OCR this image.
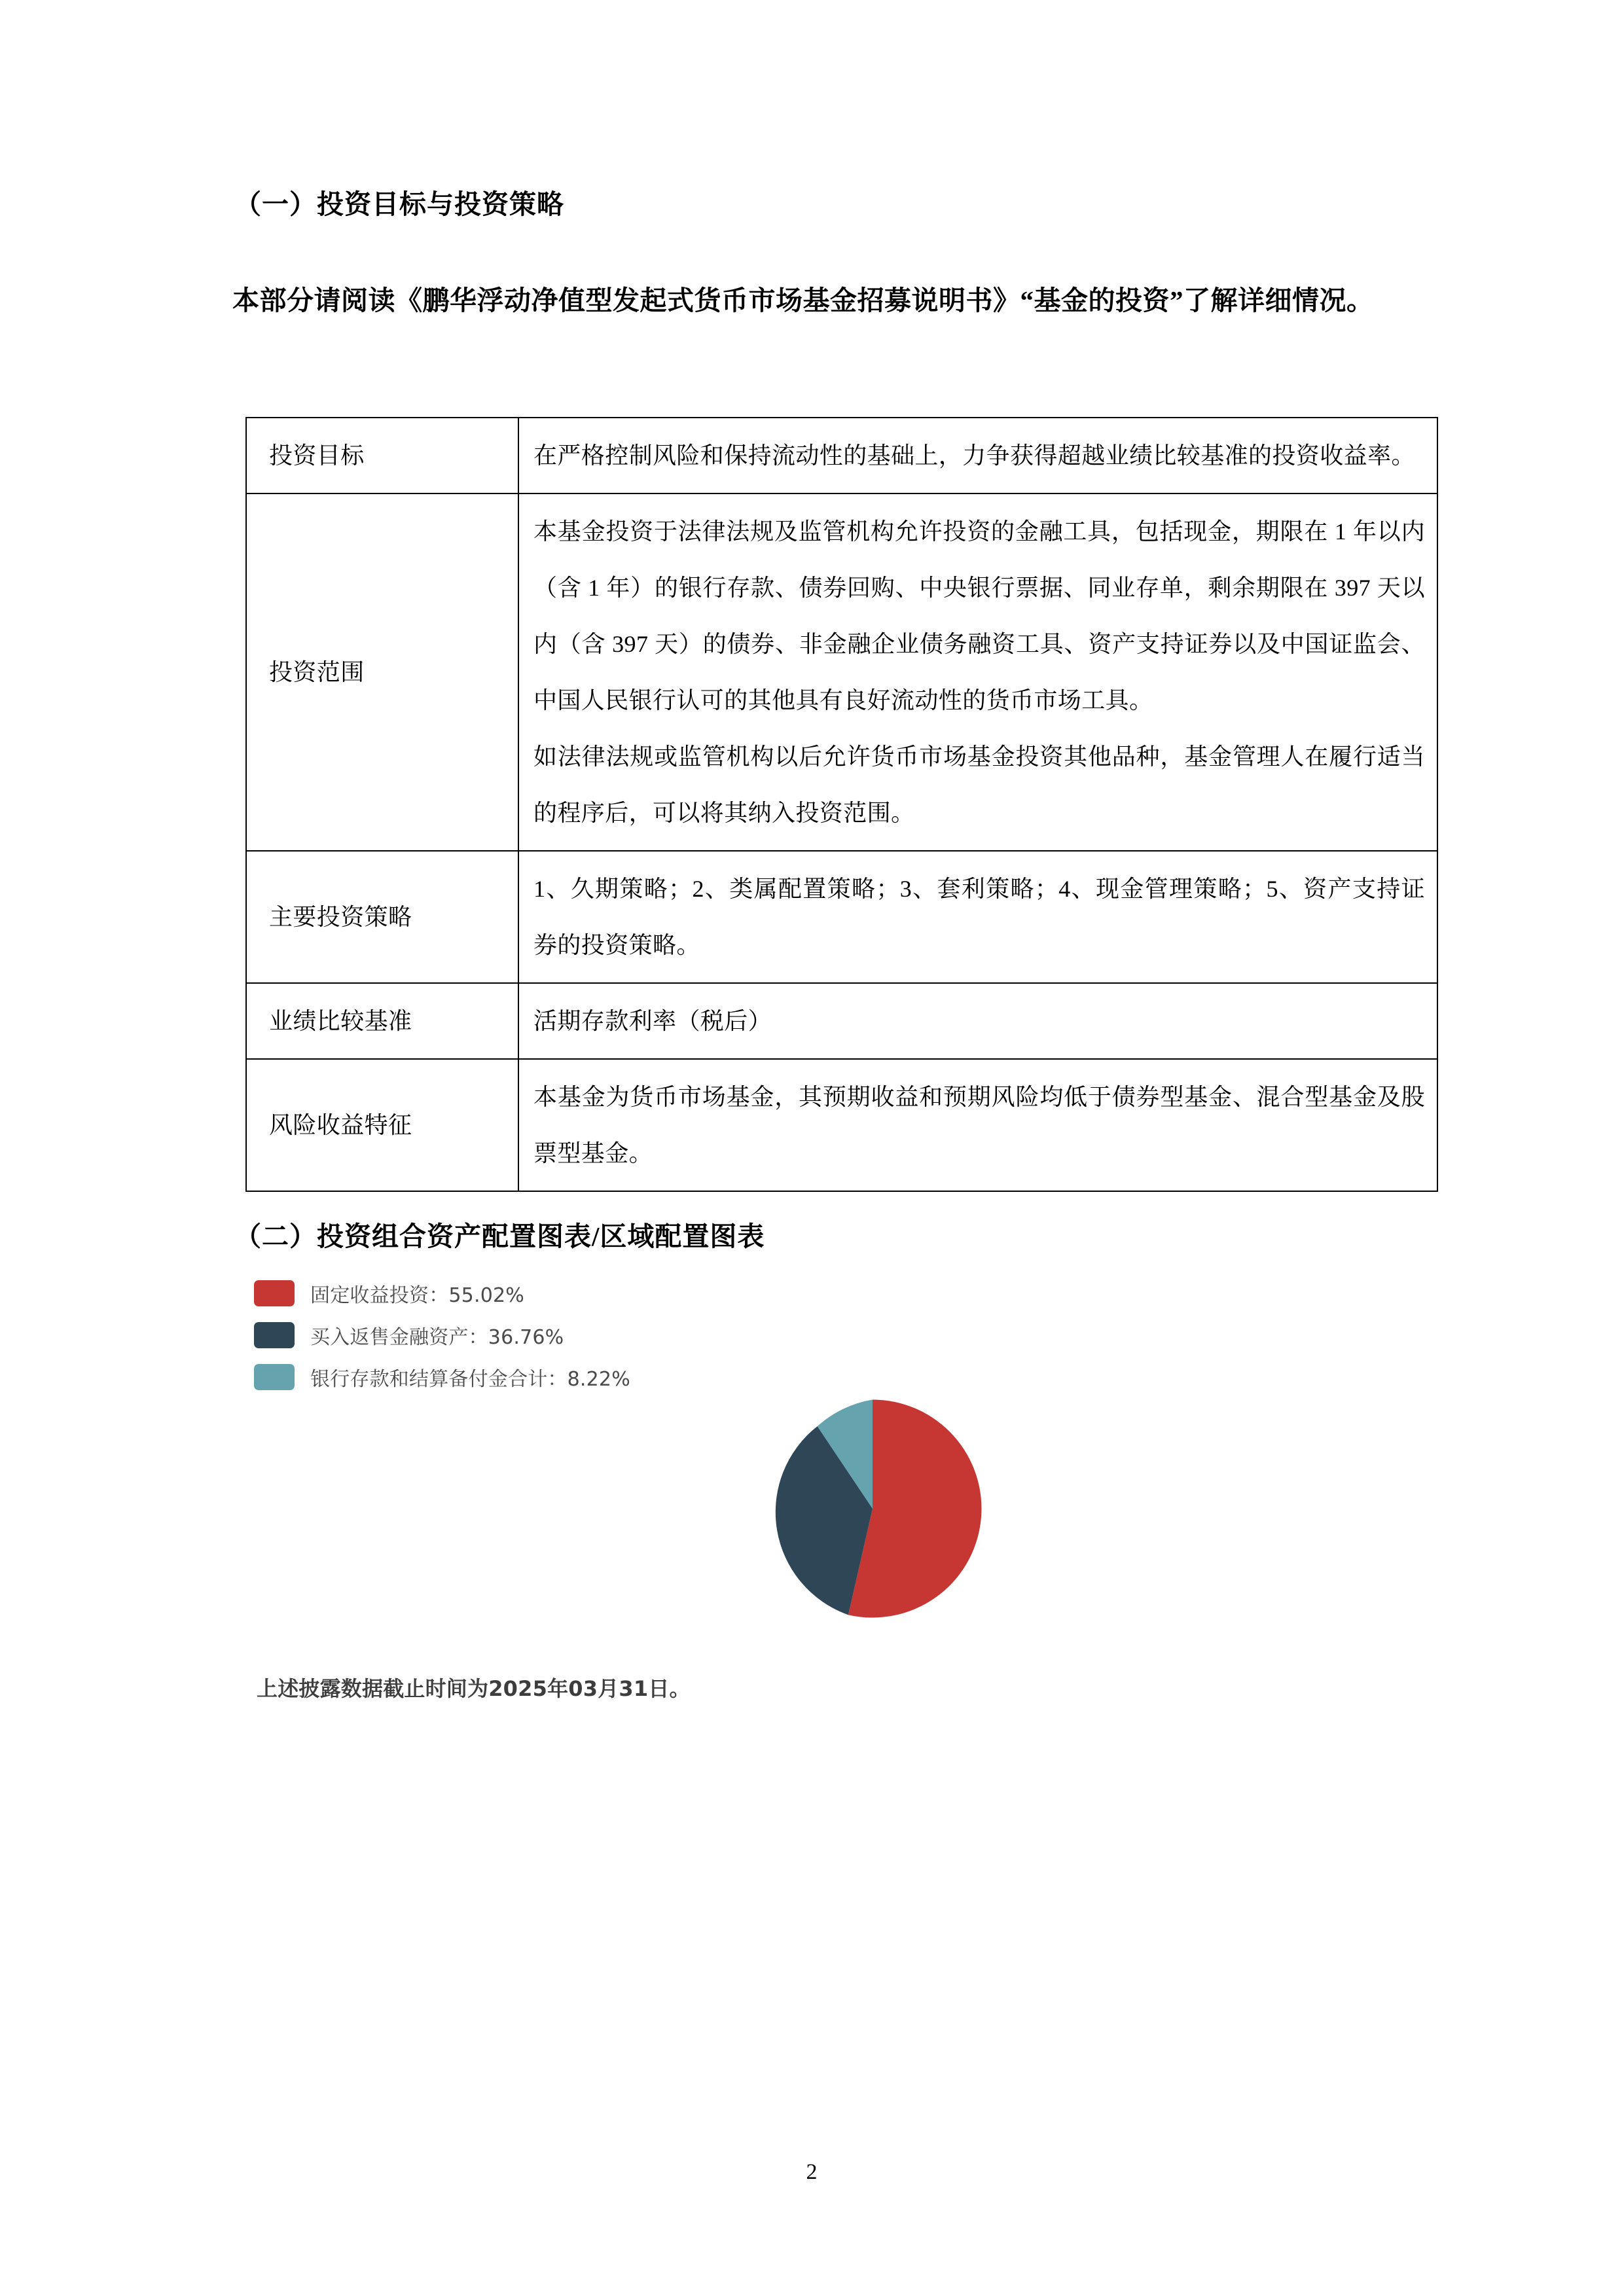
（一）投资目标与投资策略
本部分请阅读《鹏华浮动净值型发起式货币市场基金招募说明书》“基金的投资”了解详细情况。
投资目标	在严格控制风险和保持流动性的基础上，力争获得超越业绩比较基准的投资收益率。

投资范围	本基金投资于法律法规及监管机构允许投资的金融工具，包括现金，期限在 1 年以内（含 1 年）的银行存款、债券回购、中央银行票据、同业存单，剩余期限在 397 天以内（含 397 天）的债券、非金融企业债务融资工具、资产支持证券以及中国证监会、中国人民银行认可的其他具有良好流动性的货币市场工具。

如法律法规或监管机构以后允许货币市场基金投资其他品种，基金管理人在履行适当的程序后，可以将其纳入投资范围。

主要投资策略	1、久期策略；2、类属配置策略；3、套利策略；4、现金管理策略；5、资产支持证券的投资策略。

业绩比较基准	活期存款利率（税后）

风险收益特征	本基金为货币市场基金，其预期收益和预期风险均低于债券型基金、混合型基金及股票型基金。

（二）投资组合资产配置图表/区域配置图表
固定收益投资：55.02%
买入返售金融资产：36.76%
银行存款和结算备付金合计：8.22%
上述披露数据截止时间为2025年03月31日。
2
